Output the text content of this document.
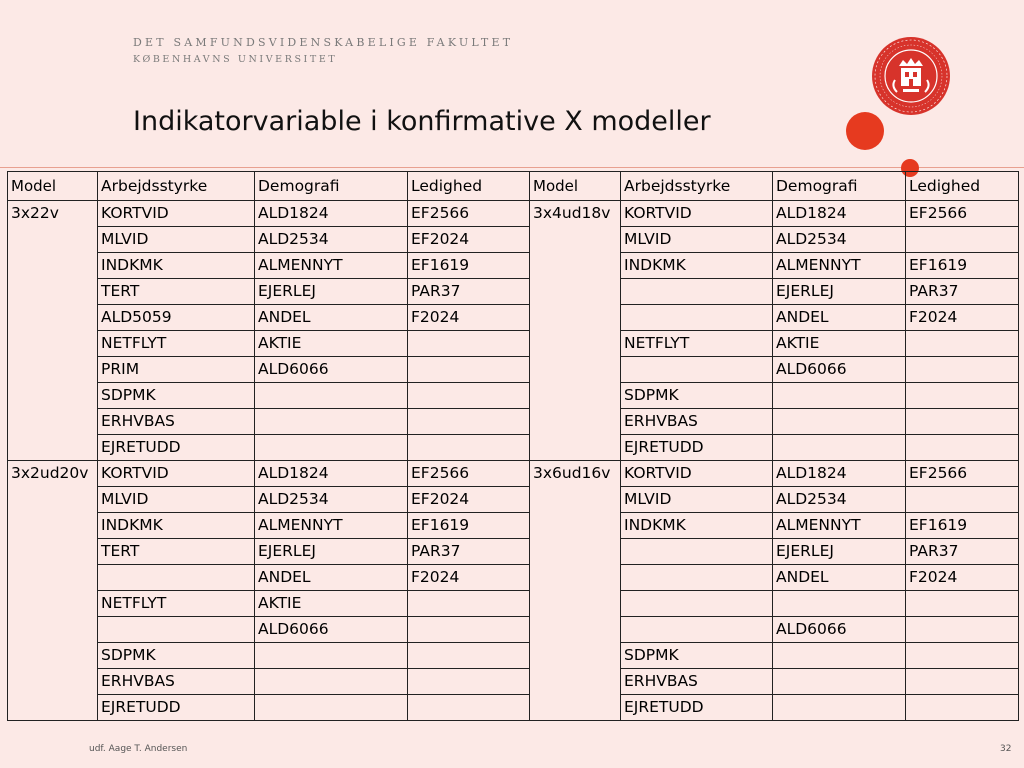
DET SAMFUNDSVIDENSKABELIGE FAKULTET
KØBENHAVNS UNIVERSITET
Indikatorvariable i konfirmative X modeller
Model	Arbejdsstyrke	Demografi	Ledighed	Model	Arbejdsstyrke	Demografi	Ledighed
3x22v	KORTVID	ALD1824	EF2566	3x4ud18v	KORTVID	ALD1824	EF2566
	MLVID	ALD2534	EF2024		MLVID	ALD2534	
	INDKMK	ALMENNYT	EF1619		INDKMK	ALMENNYT	EF1619
	TERT	EJERLEJ	PAR37			EJERLEJ	PAR37
	ALD5059	ANDEL	F2024			ANDEL	F2024
	NETFLYT	AKTIE			NETFLYT	AKTIE	
	PRIM	ALD6066				ALD6066	
	SDPMK				SDPMK		
	ERHVBAS				ERHVBAS		
	EJRETUDD				EJRETUDD		
3x2ud20v	KORTVID	ALD1824	EF2566	3x6ud16v	KORTVID	ALD1824	EF2566
	MLVID	ALD2534	EF2024		MLVID	ALD2534	
	INDKMK	ALMENNYT	EF1619		INDKMK	ALMENNYT	EF1619
	TERT	EJERLEJ	PAR37			EJERLEJ	PAR37
		ANDEL	F2024			ANDEL	F2024
	NETFLYT	AKTIE					
		ALD6066				ALD6066	
	SDPMK				SDPMK		
	ERHVBAS				ERHVBAS		
	EJRETUDD				EJRETUDD		
udf. Aage T. Andersen	32
